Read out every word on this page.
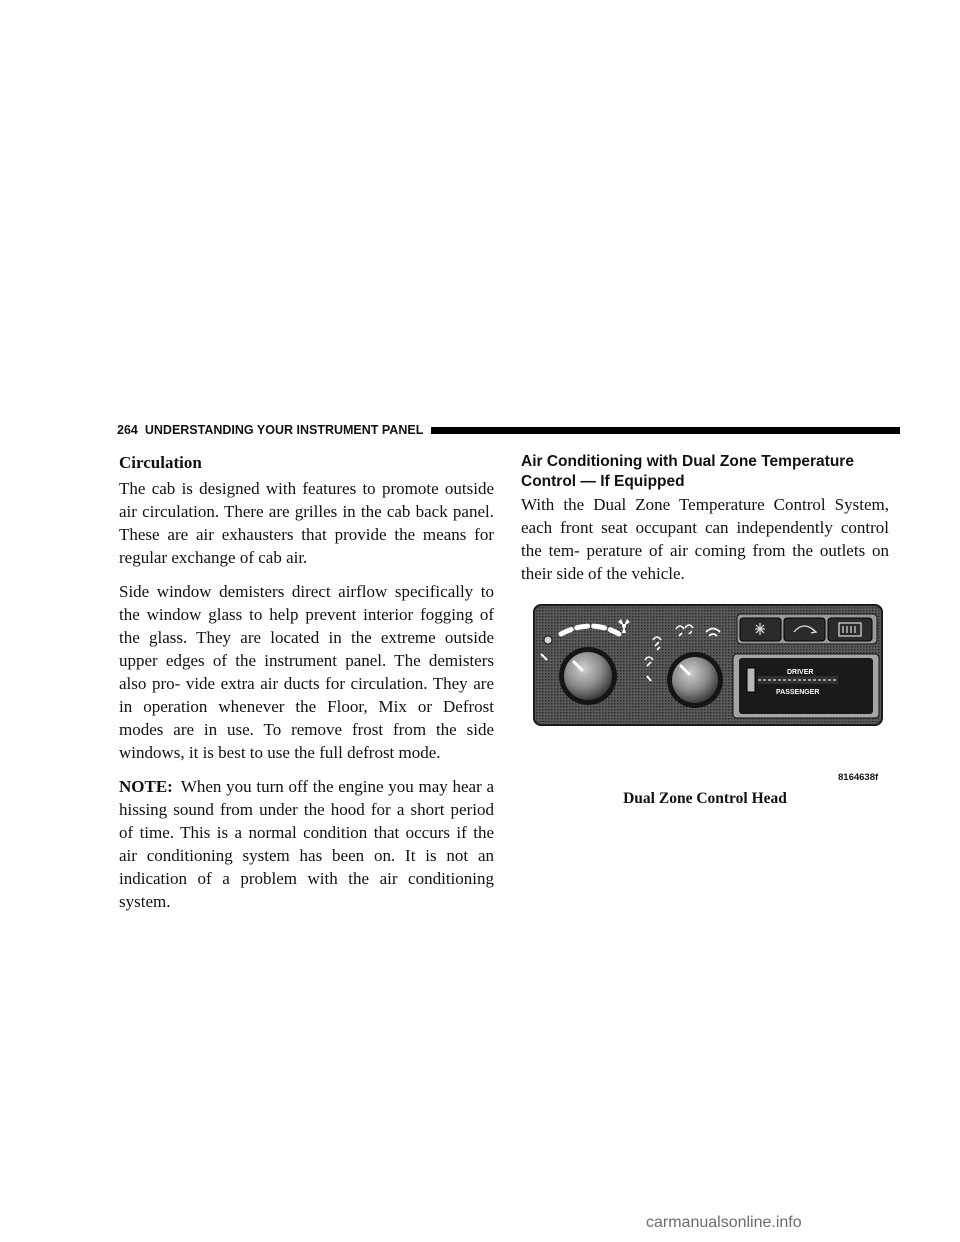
264 UNDERSTANDING YOUR INSTRUMENT PANEL
Circulation

The cab is designed with features to promote outside air circulation. There are grilles in the cab back panel. These are air exhausters that provide the means for regular exchange of cab air.

Side window demisters direct airflow specifically to the window glass to help prevent interior fogging of the glass. They are located in the extreme outside upper edges of the instrument panel. The demisters also pro- vide extra air ducts for circulation. They are in operation whenever the Floor, Mix or Defrost modes are in use. To remove frost from the side windows, it is best to use the full defrost mode.

NOTE: When you turn off the engine you may hear a hissing sound from under the hood for a short period of time. This is a normal condition that occurs if the air conditioning system has been on. It is not an indication of a problem with the air conditioning system.

Air Conditioning with Dual Zone Temperature
Control — If Equipped

With the Dual Zone Temperature Control System, each front seat occupant can independently control the tem- perature of air coming from the outlets on their side of the vehicle.

DRIVER
PASSENGER
8164638f
Dual Zone Control Head
carmanualsonline.info
